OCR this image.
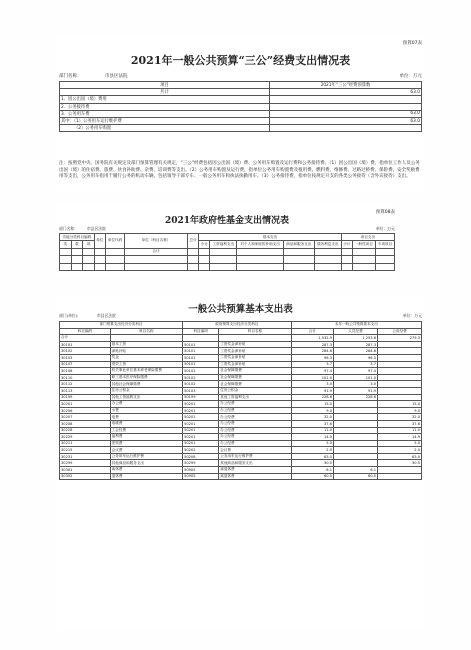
预算07表
2021年一般公共预算“三公”经费支出情况表
部门名称：	市县区法院	单位：万元
项目	2021年“三公”经费预算数
共计	63.0
1．因公出国（境）费用	
2．公务接待费	
3．公务用车费	63.0
其中：（1）公务用车运行维护费	63.0
（2）公务用车购置	
注：按照党中央、国务院有关规定及部门预算管理有关规定，“三公”经费包括因公出国（境）费、公务用车购置及运行费和公务接待费。（1）因公出国（境）费，指单位工作人员公务出国（境）的住宿费、旅费、伙食补助费、杂费、培训费等支出。（2）公务用车购置及运行费，指单位公务用车购置费及租用费、燃料费、维修费、过路过桥费、保险费、安全奖励费用等支出，公务用车指用于履行公务的机动车辆，包括领导干部专车、一般公务用车和执法执勤用车。（3）公务接待费，指单位按规定开支的各类公务接待（含外宾接待）支出。
预算08表
2021年政府性基金支出情况表
部门名称： 市县区法院	单位：万元
功能分类科目编码			单位	单位代码	单位（科目名称）	总计	基本支出					项目支出		
类	款	项					小计	工资福利支出	对个人和家庭的补助支出	商品和服务支出	债务利息支出	小计	一般性项目	专项项目
					合计									

一般公共预算基本支出表
部门(单位):	市县区法院	单位：万元
部门预算支出经济分类科目		政府预算支出经济分类科目		本年一般公共预算基本支出		
科目编码	科目名称	科目编码	科目名称	合计	人员经费	公用经费
合计				1,532.9	1,253.6	279.3
30101	基本工资	50101	工资奖金津补贴	287.3	287.3	
30102	津贴补贴	50101	工资奖金津补贴	284.6	284.6	
30103	奖金	50101	工资奖金津补贴	96.3	96.3	
30107	绩效工资	50101	工资奖金津补贴	3.7	3.7	
30108	机关事业单位基本养老保险缴费	50102	社会保障缴费	97.4	97.4	
30110	职工基本医疗保险缴费	50102	社会保障缴费	101.0	101.0	
30112	其他社会保障缴费	50102	社会保障缴费	3.0	3.0	
30113	住房公积金	50103	住房公积金	91.9	91.9	
30199	其他工资福利支出	50199	其他工资福利支出	228.6	228.6	
30201	办公费	50201	办公经费	15.0		15.0
30206	水费	50201	办公经费	9.0		9.0
30207	电费	50201	办公经费	32.0		32.0
30208	取暖费	50201	办公经费	37.6		37.6
30228	工会经费	50201	办公经费	11.0		11.0
30229	福利费	50201	办公经费	14.9		14.9
30211	差旅费	50201	办公经费	5.0		5.0
30215	会议费	50202	会议费	2.0		2.0
30231	公务用车运行维护费	50208	公务用车运行维护费	63.0		63.0
30299	其他商品和服务支出	50299	其他商品和服务支出	30.0		30.0
30301	离休费	50905	离退休费	6.1	6.1	
30302	退休费	50905	离退休费	60.5	60.5	
